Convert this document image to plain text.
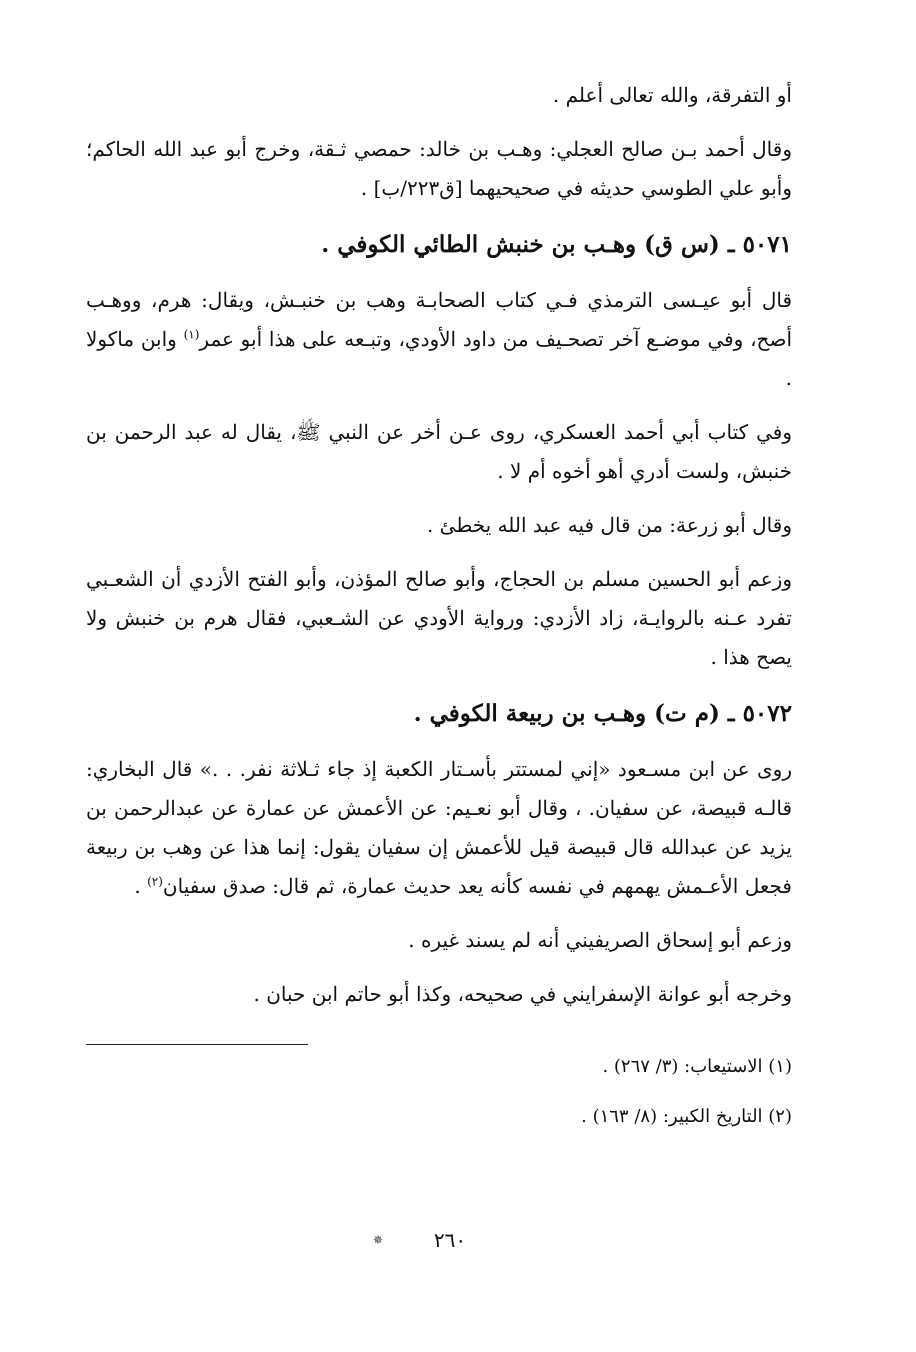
أو التفرقة، والله تعالى أعلم .

وقال أحمد بـن صالح العجلي: وهـب بن خالد: حمصي ثـقة، وخرج أبو عبد الله الحاكم؛ وأبو علي الطوسي حديثه في صحيحيهما [ق٢٢٣/ب] .

٥٠٧١ ـ (س ق) وهـب بن خنبش الطائي الكوفي .

قال أبو عيـسى الترمذي فـي كتاب الصحابـة وهب بن خنبـش، ويقال: هرم، ووهـب أصح، وفي موضـع آخر تصحـيف من داود الأودي، وتبـعه على هذا أبو عمر$^{(١)}$ وابن ماكولا .

وفي كتاب أبي أحمد العسكري، روى عـن أخر عن النبي ﷺ، يقال له عبد الرحمن بن خنبش، ولست أدري أهو أخوه أم لا .

وقال أبو زرعة: من قال فيه عبد الله يخطئ .

وزعم أبو الحسين مسلم بن الحجاج، وأبو صالح المؤذن، وأبو الفتح الأزدي أن الشعـبي تفرد عـنه بالروايـة، زاد الأزدي: ورواية الأودي عن الشـعبي، فقال هرم بن خنبش ولا يصح هذا .

٥٠٧٢ ـ (م ت) وهـب بن ربيعة الكوفي .

روى عن ابن مسـعود «إني لمستتر بأسـتار الكعبة إذ جاء ثـلاثة نفر. . .» قال البخاري: قالـه قبيصة، عن سفيان. ، وقال أبو نعـيم: عن الأعمش عن عمارة عن عبدالرحمن بن يزيد عن عبدالله قال قبيصة قيل للأعمش إن سفيان يقول: إنما هذا عن وهب بن ربيعة فجعل الأعـمش يهمهم في نفسه كأنه يعد حديث عمارة، ثم قال: صدق سفيان$^{(٢)}$ .

وزعم أبو إسحاق الصريفيني أنه لم يسند غيره .

وخرجه أبو عوانة الإسفرايني في صحيحه، وكذا أبو حاتم ابن حبان .

(١) الاستيعاب: (٣/ ٢٦٧) .

(٢) التاريخ الكبير: (٨/ ١٦٣) .

✵	٢٦٠
